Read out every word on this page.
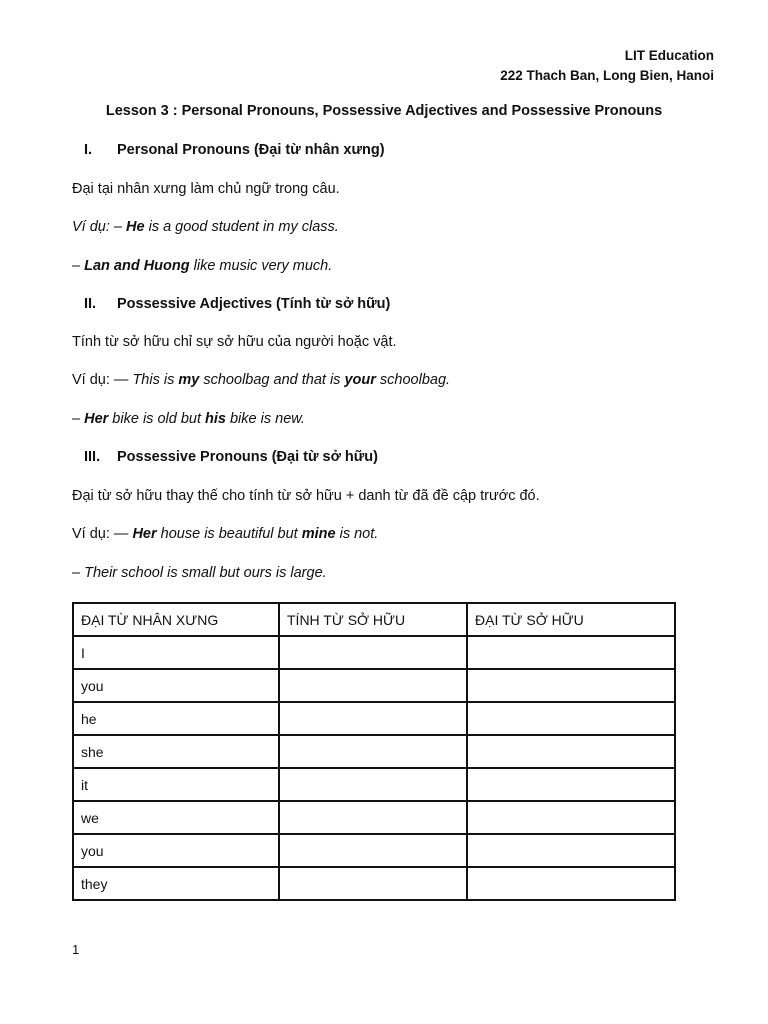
LIT Education
222 Thach Ban, Long Bien, Hanoi
Lesson 3 : Personal Pronouns, Possessive Adjectives and Possessive Pronouns
I. Personal Pronouns (Đại từ nhân xưng)
Đại tại nhân xưng làm chủ ngữ trong câu.
Ví dụ: – He is a good student in my class.
– Lan and Huong like music very much.
II. Possessive Adjectives (Tính từ sở hữu)
Tính từ sở hữu chỉ sự sở hữu của người hoặc vật.
Ví dụ: — This is my schoolbag and that is your schoolbag.
– Her bike is old but his bike is new.
III. Possessive Pronouns (Đại từ sở hữu)
Đại từ sở hữu thay thế cho tính từ sở hữu + danh từ đã đề cập trước đó.
Ví dụ: — Her house is beautiful but mine is not.
– Their school is small but ours is large.
ĐẠI TỪ NHÂN XƯNG	TÍNH TỪ SỞ HỮU	ĐẠI TỪ SỞ HỮU
I		
you		
he		
she		
it		
we		
you		
they		
1
